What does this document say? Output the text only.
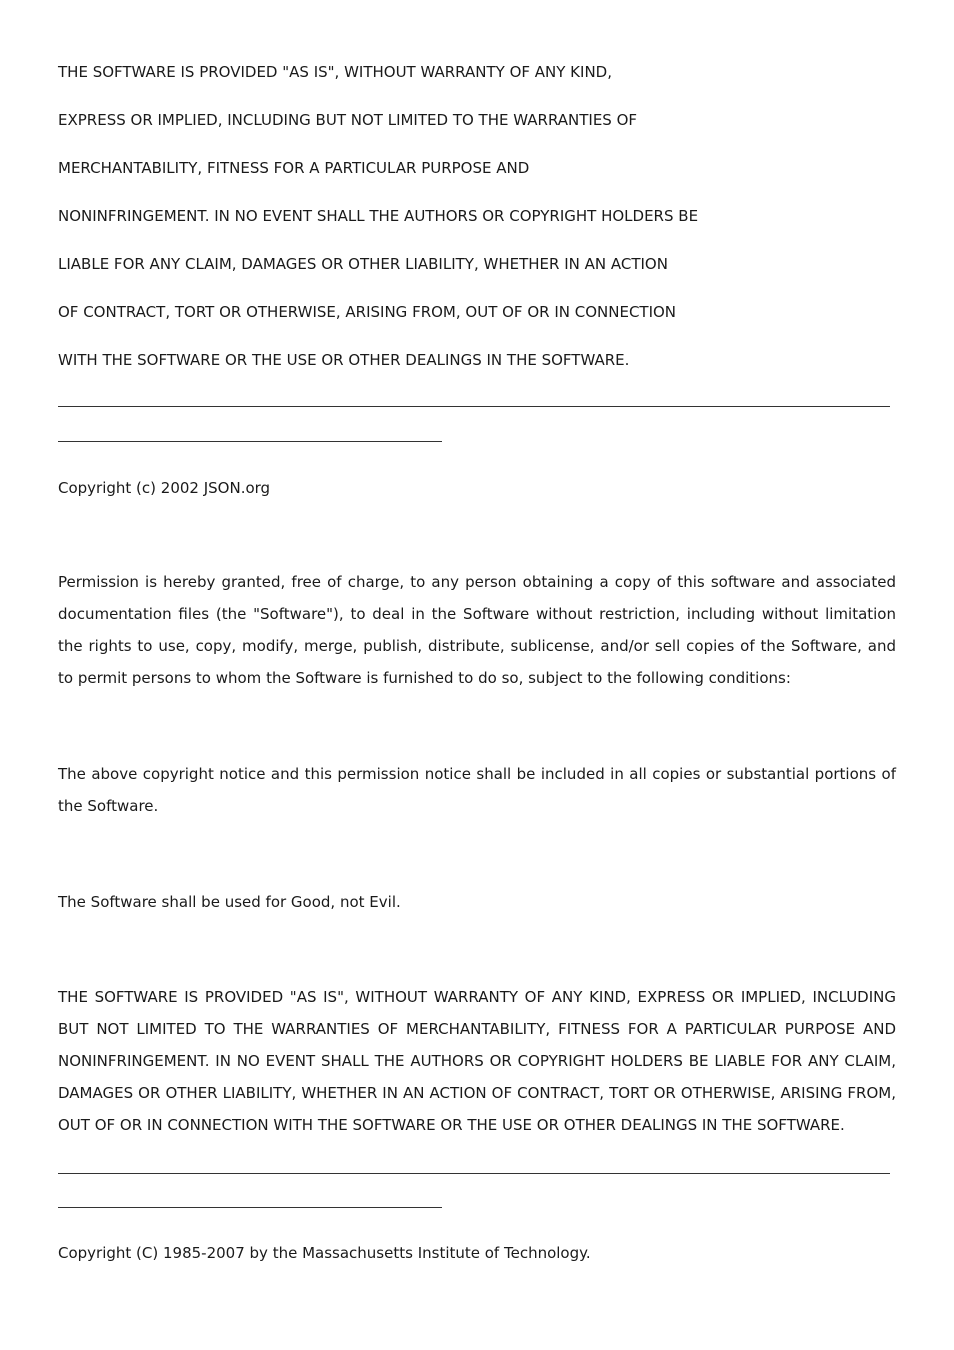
THE SOFTWARE IS PROVIDED "AS IS", WITHOUT WARRANTY OF ANY KIND,

EXPRESS OR IMPLIED, INCLUDING BUT NOT LIMITED TO THE WARRANTIES OF

MERCHANTABILITY, FITNESS FOR A PARTICULAR PURPOSE AND

NONINFRINGEMENT. IN NO EVENT SHALL THE AUTHORS OR COPYRIGHT HOLDERS BE

LIABLE FOR ANY CLAIM, DAMAGES OR OTHER LIABILITY, WHETHER IN AN ACTION

OF CONTRACT, TORT OR OTHERWISE, ARISING FROM, OUT OF OR IN CONNECTION

WITH THE SOFTWARE OR THE USE OR OTHER DEALINGS IN THE SOFTWARE.

Copyright (c) 2002 JSON.org

Permission is hereby granted, free of charge, to any person obtaining a copy of this software and associated documentation files (the "Software"), to deal in the Software without restriction, including without limitation the rights to use, copy, modify, merge, publish, distribute, sublicense, and/or sell copies of the Software, and to permit persons to whom the Software is furnished to do so, subject to the following conditions:

The above copyright notice and this permission notice shall be included in all copies or substantial portions of the Software.

The Software shall be used for Good, not Evil.

THE SOFTWARE IS PROVIDED "AS IS", WITHOUT WARRANTY OF ANY KIND, EXPRESS OR IMPLIED, INCLUDING BUT NOT LIMITED TO THE WARRANTIES OF MERCHANTABILITY, FITNESS FOR A PARTICULAR PURPOSE AND NONINFRINGEMENT. IN NO EVENT SHALL THE AUTHORS OR COPYRIGHT HOLDERS BE LIABLE FOR ANY CLAIM, DAMAGES OR OTHER LIABILITY, WHETHER IN AN ACTION OF CONTRACT, TORT OR OTHERWISE, ARISING FROM, OUT OF OR IN CONNECTION WITH THE SOFTWARE OR THE USE OR OTHER DEALINGS IN THE SOFTWARE.

Copyright (C) 1985-2007 by the Massachusetts Institute of Technology.
